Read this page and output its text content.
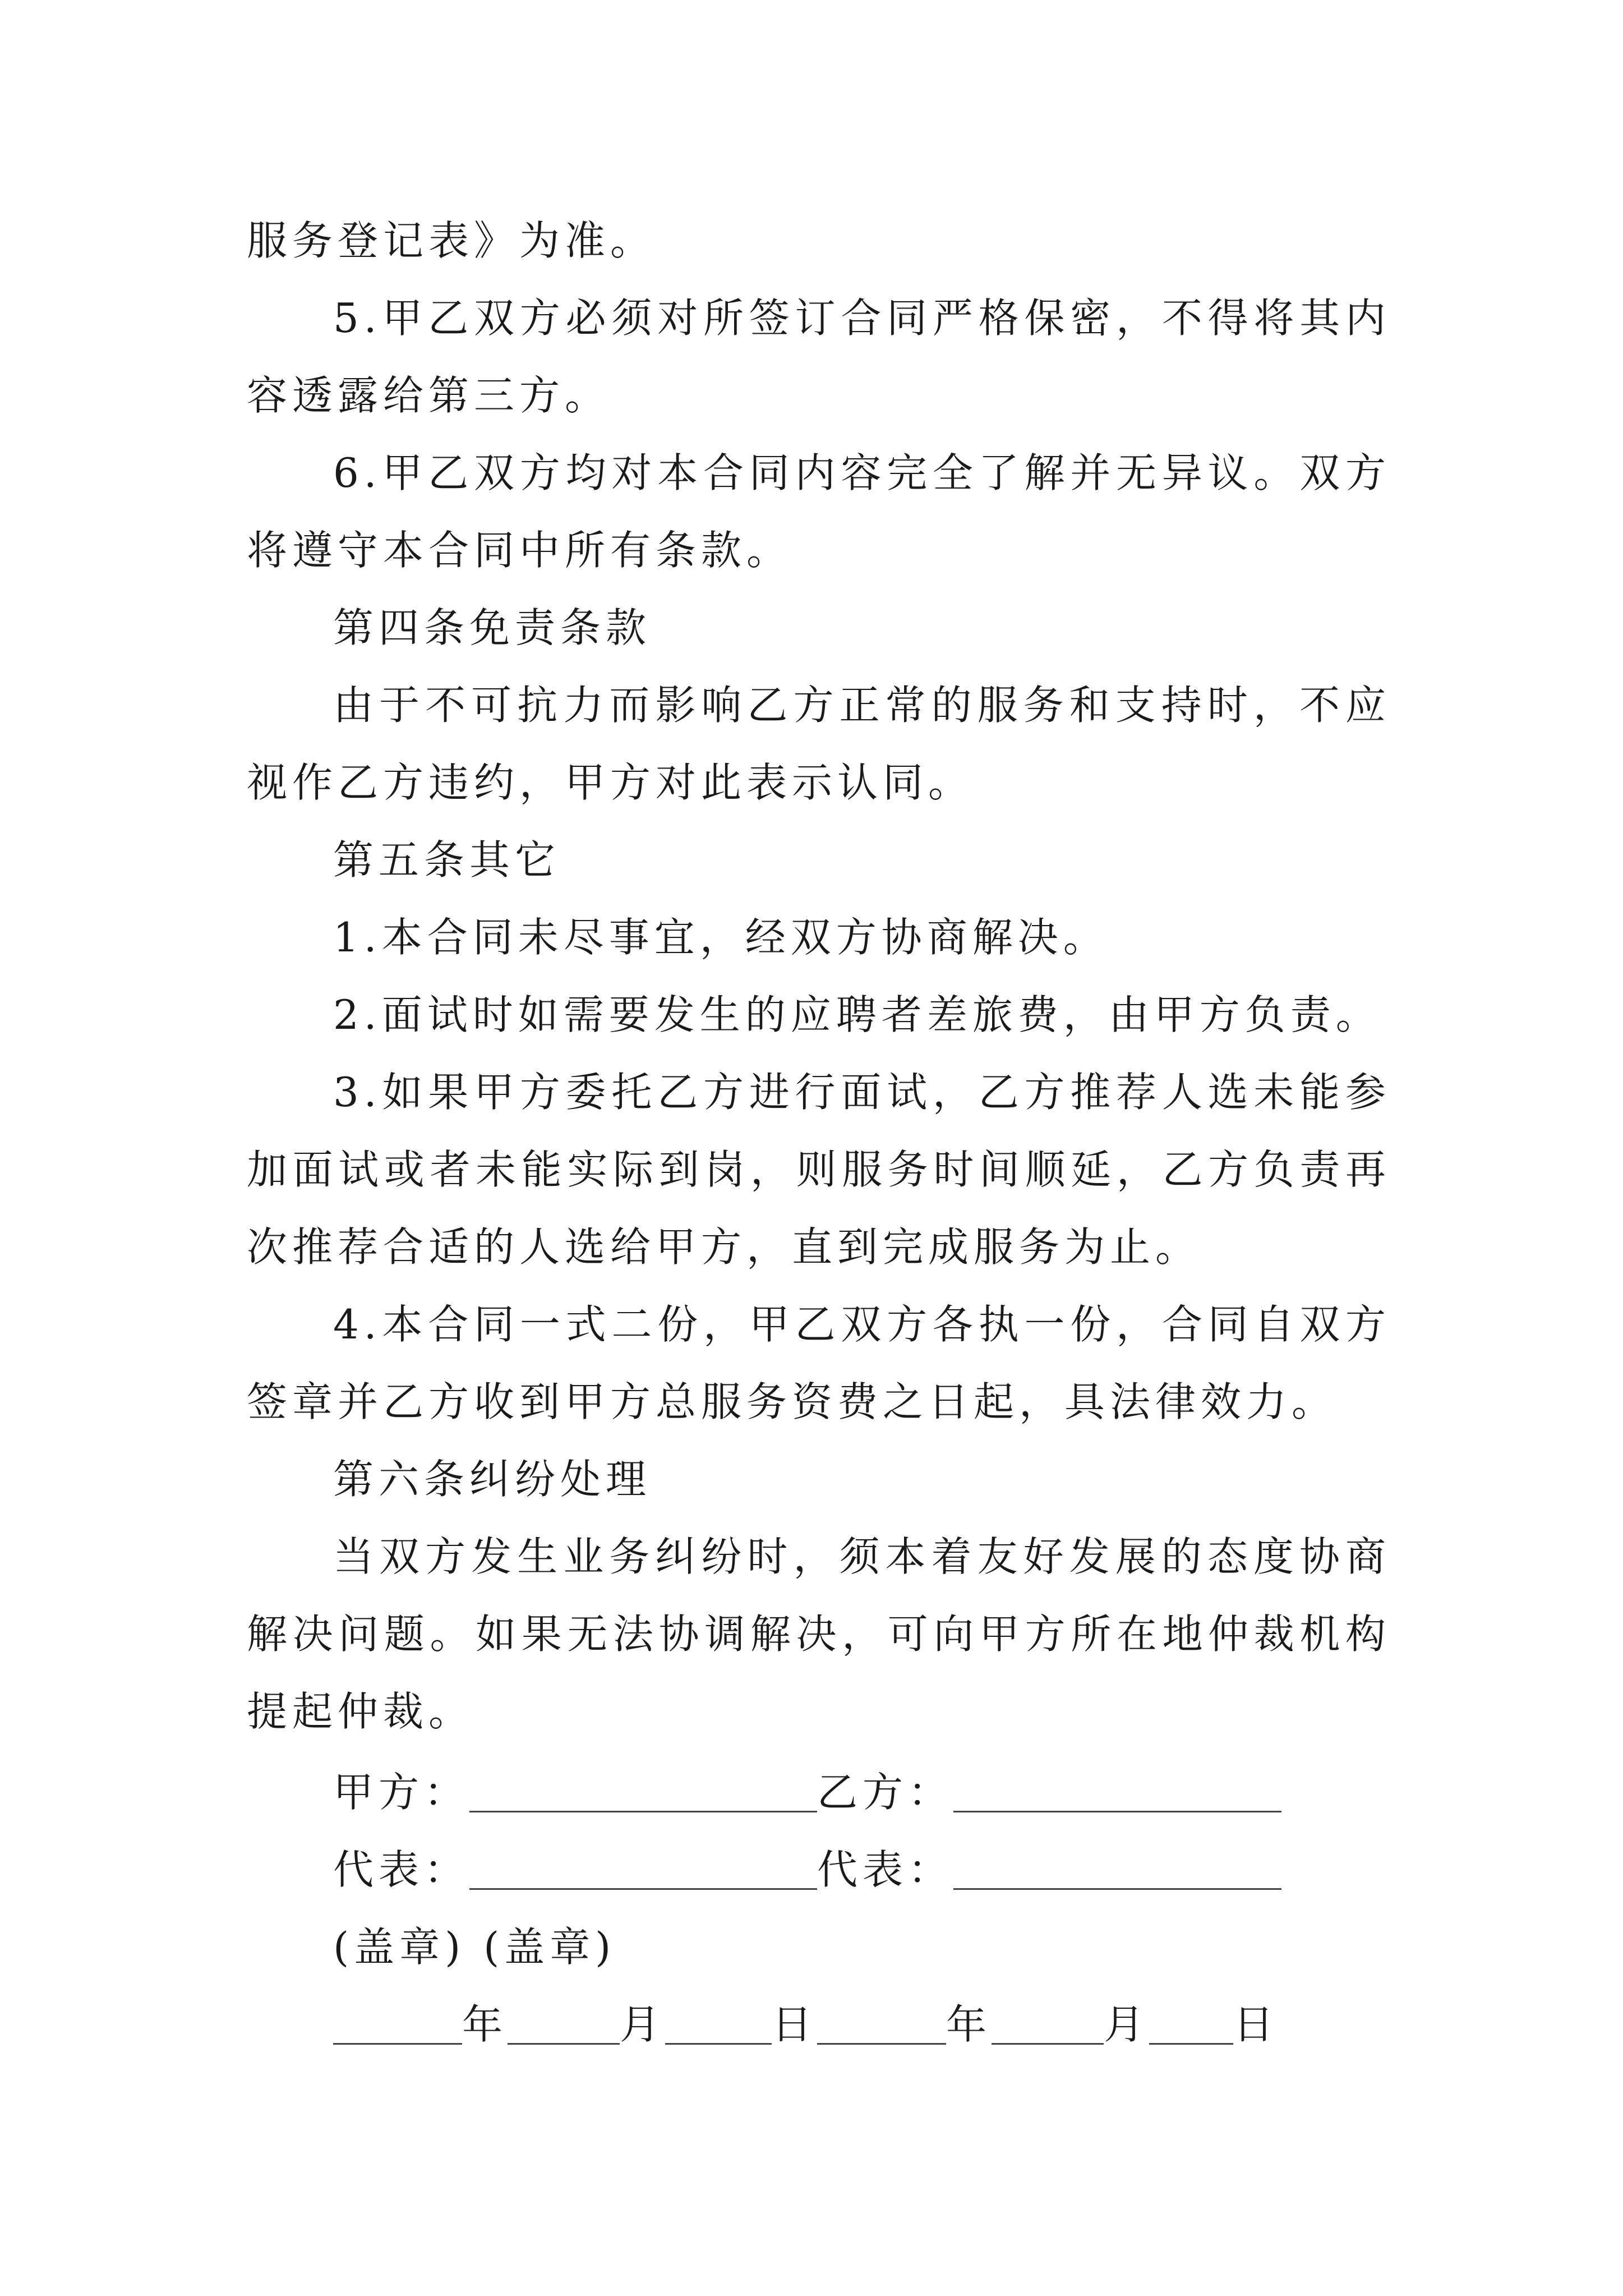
服务登记表》为准。

5.甲乙双方必须对所签订合同严格保密，不得将其内容透露给第三方。

6.甲乙双方均对本合同内容完全了解并无异议。双方将遵守本合同中所有条款。

第四条免责条款

由于不可抗力而影响乙方正常的服务和支持时，不应视作乙方违约，甲方对此表示认同。

第五条其它

1.本合同未尽事宜，经双方协商解决。

2.面试时如需要发生的应聘者差旅费，由甲方负责。

3.如果甲方委托乙方进行面试，乙方推荐人选未能参加面试或者未能实际到岗，则服务时间顺延，乙方负责再次推荐合适的人选给甲方，直到完成服务为止。

4.本合同一式二份，甲乙双方各执一份，合同自双方签章并乙方收到甲方总服务资费之日起，具法律效力。

第六条纠纷处理

当双方发生业务纠纷时，须本着友好发展的态度协商解决问题。如果无法协调解决，可向甲方所在地仲裁机构提起仲裁。

甲方：	乙方：
代表：	代表：
(盖章) (盖章)
年	月	日	年	月 日
